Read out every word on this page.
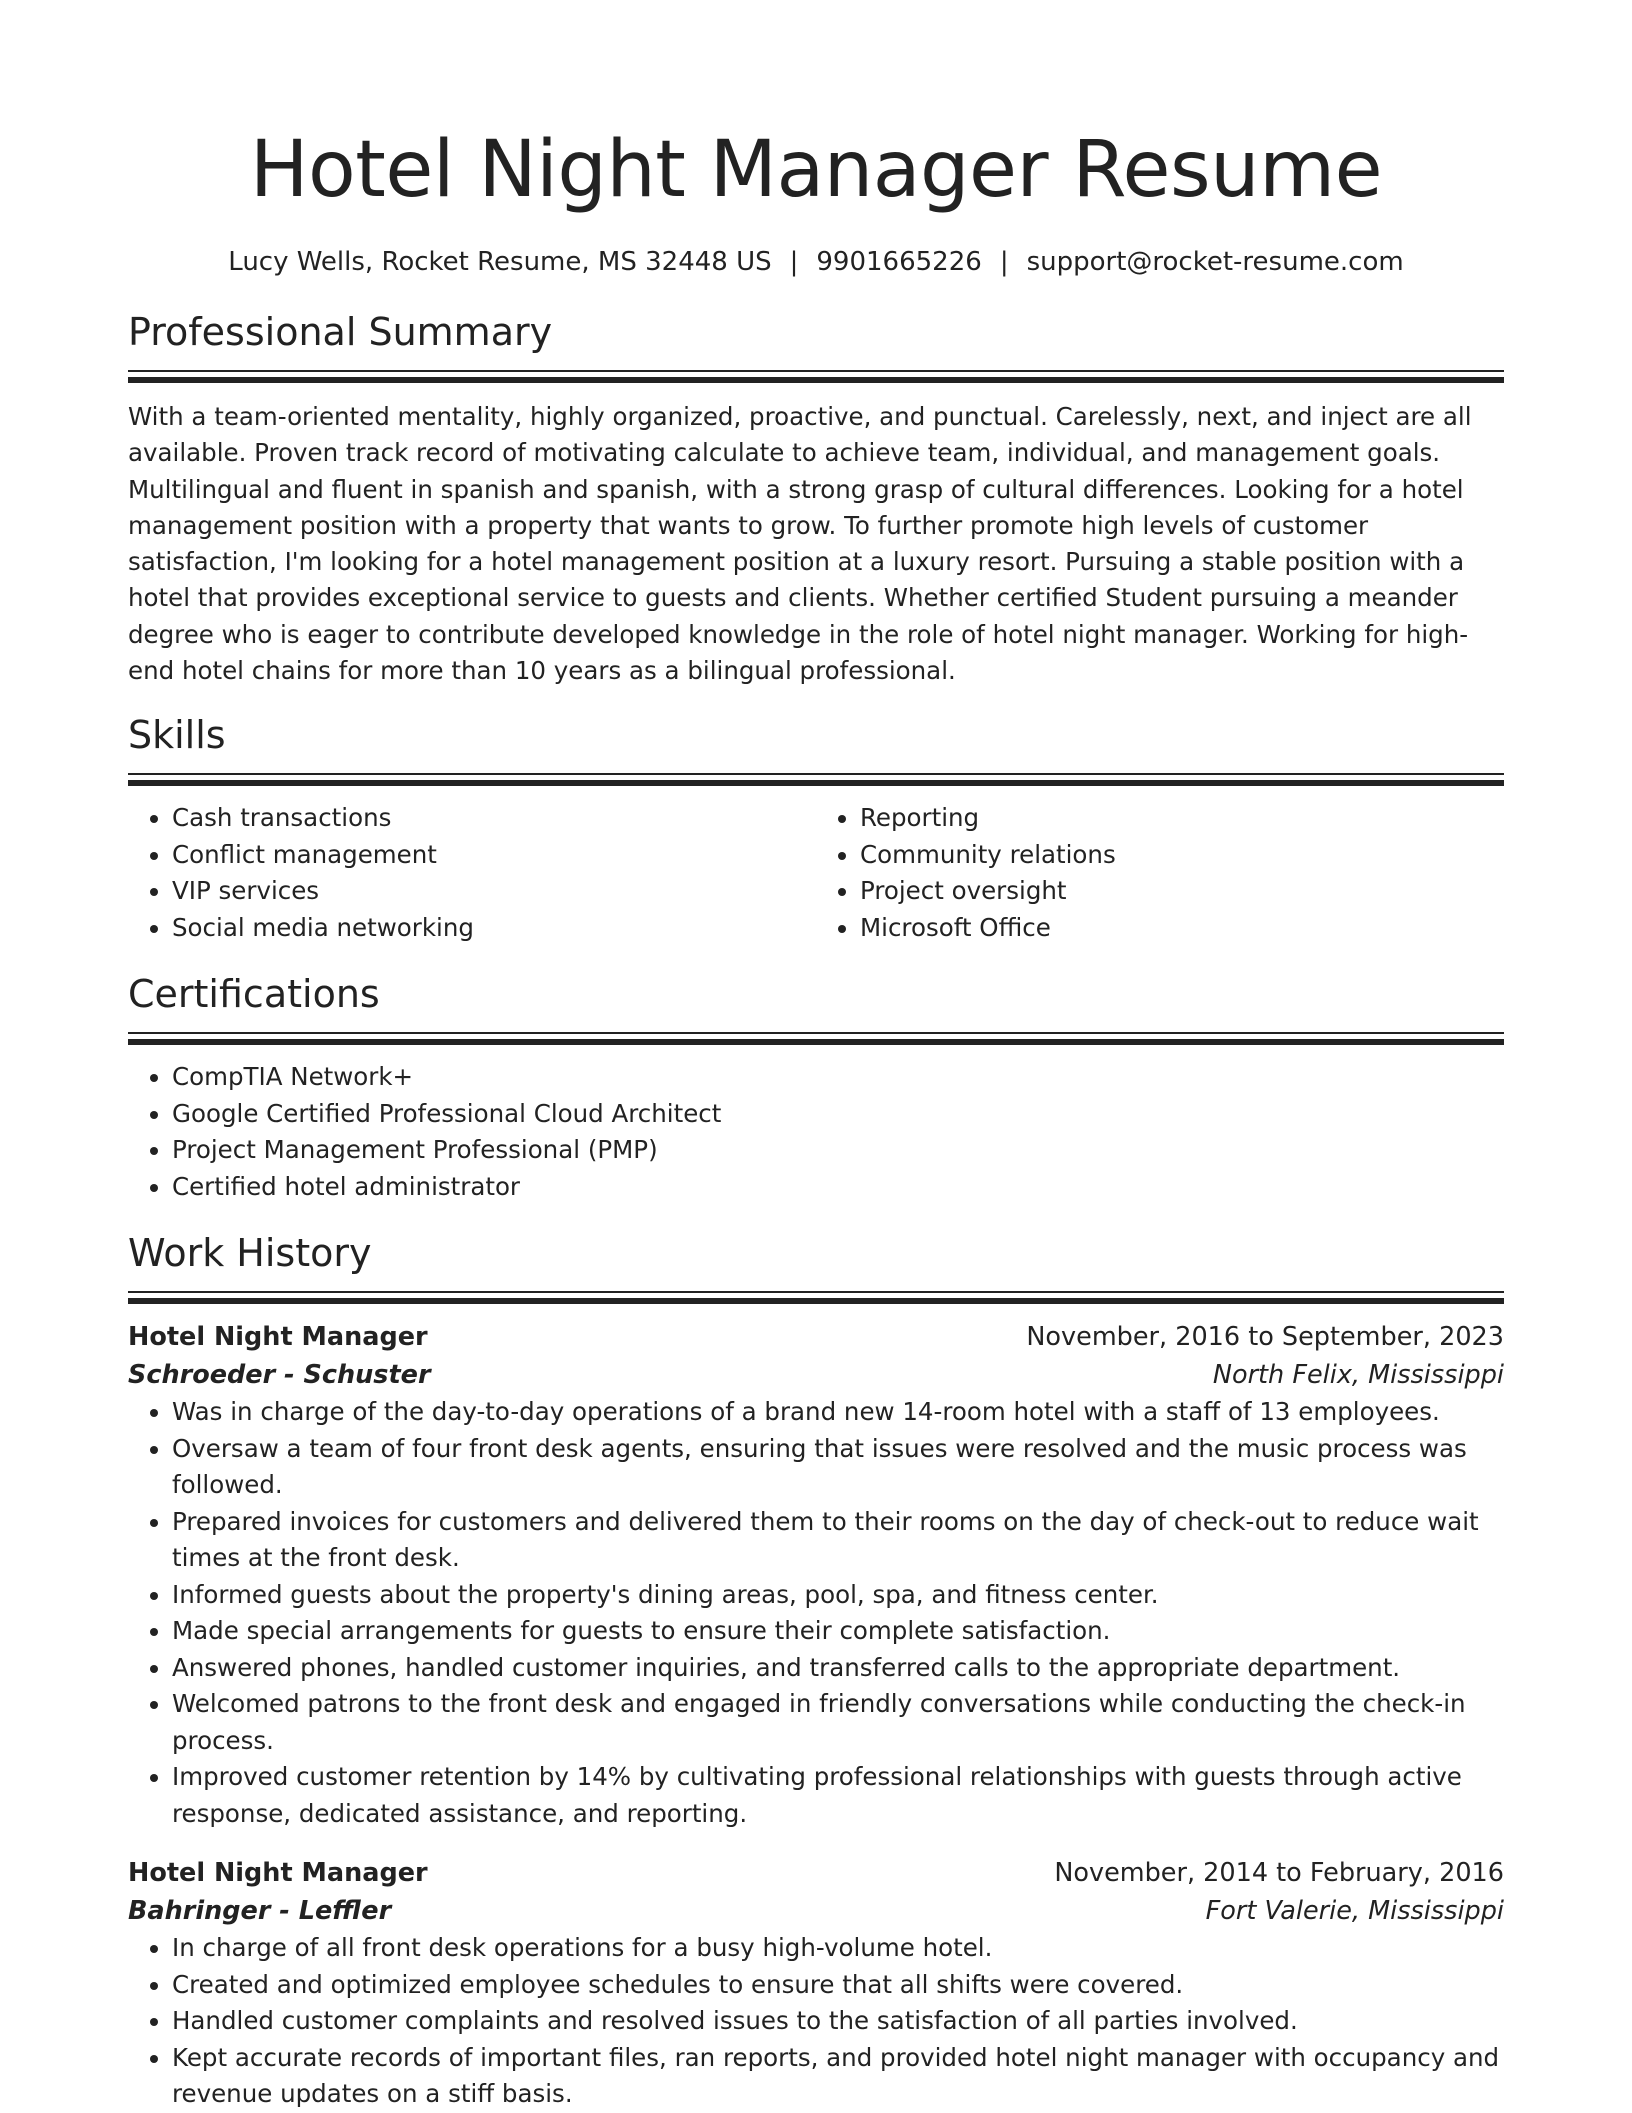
Hotel Night Manager Resume
Lucy Wells, Rocket Resume, MS 32448 US | 9901665226 | support@rocket-resume.com
Professional Summary

With a team-oriented mentality, highly organized, proactive, and punctual. Carelessly, next, and inject are all available. Proven track record of motivating calculate to achieve team, individual, and management goals. Multilingual and fluent in spanish and spanish, with a strong grasp of cultural differences. Looking for a hotel management position with a property that wants to grow. To further promote high levels of customer satisfaction, I'm looking for a hotel management position at a luxury resort. Pursuing a stable position with a hotel that provides exceptional service to guests and clients. Whether certified Student pursuing a meander degree who is eager to contribute developed knowledge in the role of hotel night manager. Working for high-end hotel chains for more than 10 years as a bilingual professional.

Skills
• Cash transactions
• Conflict management
• VIP services
• Social media networking
• Reporting
• Community relations
• Project oversight
• Microsoft Office
Certifications
• CompTIA Network+
• Google Certified Professional Cloud Architect
• Project Management Professional (PMP)
• Certified hotel administrator
Work History
Hotel Night Manager	November, 2016 to September, 2023
Schroeder - Schuster	North Felix, Mississippi
• Was in charge of the day-to-day operations of a brand new 14-room hotel with a staff of 13 employees.
• Oversaw a team of four front desk agents, ensuring that issues were resolved and the music process was followed.
• Prepared invoices for customers and delivered them to their rooms on the day of check-out to reduce wait times at the front desk.
• Informed guests about the property's dining areas, pool, spa, and fitness center.
• Made special arrangements for guests to ensure their complete satisfaction.
• Answered phones, handled customer inquiries, and transferred calls to the appropriate department.
• Welcomed patrons to the front desk and engaged in friendly conversations while conducting the check-in process.
• Improved customer retention by 14% by cultivating professional relationships with guests through active response, dedicated assistance, and reporting.
Hotel Night Manager	November, 2014 to February, 2016
Bahringer - Leffler	Fort Valerie, Mississippi
• In charge of all front desk operations for a busy high-volume hotel.
• Created and optimized employee schedules to ensure that all shifts were covered.
• Handled customer complaints and resolved issues to the satisfaction of all parties involved.
• Kept accurate records of important files, ran reports, and provided hotel night manager with occupancy and revenue updates on a stiff basis.
